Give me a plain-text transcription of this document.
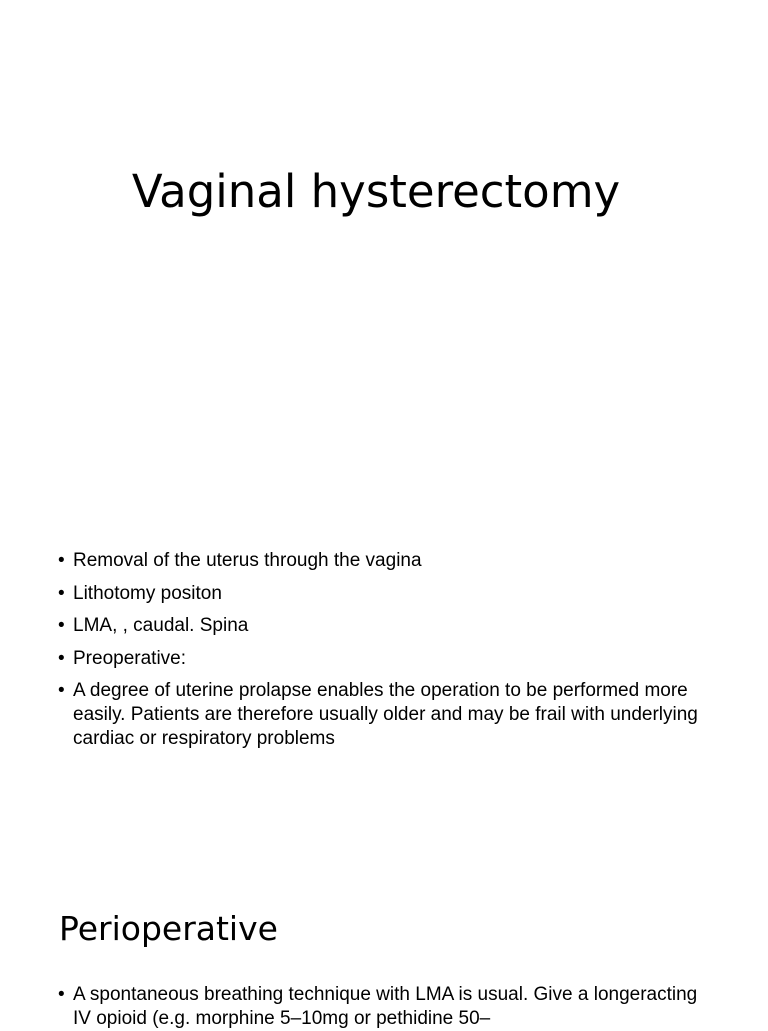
Vaginal hysterectomy
• Removal of the uterus through the vagina
• Lithotomy positon
• LMA, , caudal. Spina
• Preoperative:
• A degree of uterine prolapse enables the operation to be performed more easily. Patients are therefore usually older and may be frail with underlying cardiac or respiratory problems
Perioperative
• A spontaneous breathing technique with LMA is usual. Give a longeracting IV opioid (e.g. morphine 5–10mg or pethidine 50–
